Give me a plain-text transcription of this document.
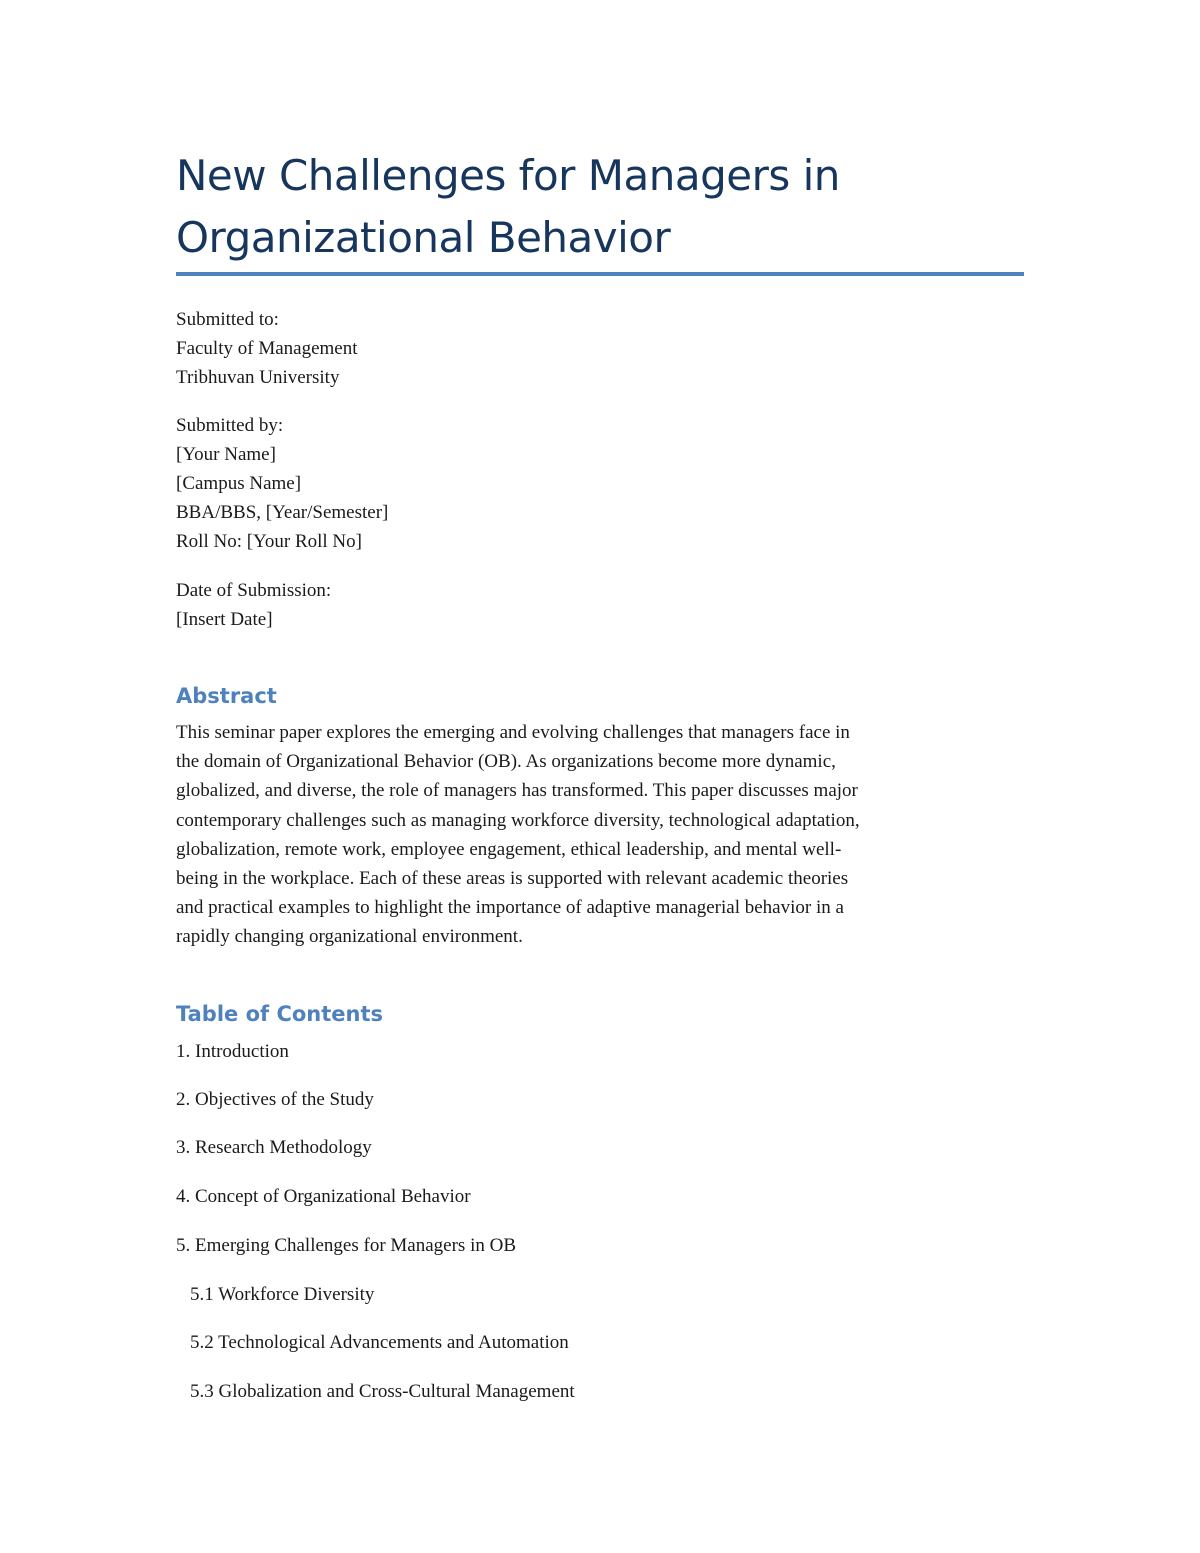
New Challenges for Managers in
Organizational Behavior
Submitted to:
Faculty of Management
Tribhuvan University
Submitted by:
[Your Name]
[Campus Name]
BBA/BBS, [Year/Semester]
Roll No: [Your Roll No]
Date of Submission:
[Insert Date]
Abstract
This seminar paper explores the emerging and evolving challenges that managers face in
the domain of Organizational Behavior (OB). As organizations become more dynamic,
globalized, and diverse, the role of managers has transformed. This paper discusses major
contemporary challenges such as managing workforce diversity, technological adaptation,
globalization, remote work, employee engagement, ethical leadership, and mental well-
being in the workplace. Each of these areas is supported with relevant academic theories
and practical examples to highlight the importance of adaptive managerial behavior in a
rapidly changing organizational environment.
Table of Contents
1. Introduction
2. Objectives of the Study
3. Research Methodology
4. Concept of Organizational Behavior
5. Emerging Challenges for Managers in OB
5.1 Workforce Diversity
5.2 Technological Advancements and Automation
5.3 Globalization and Cross-Cultural Management
